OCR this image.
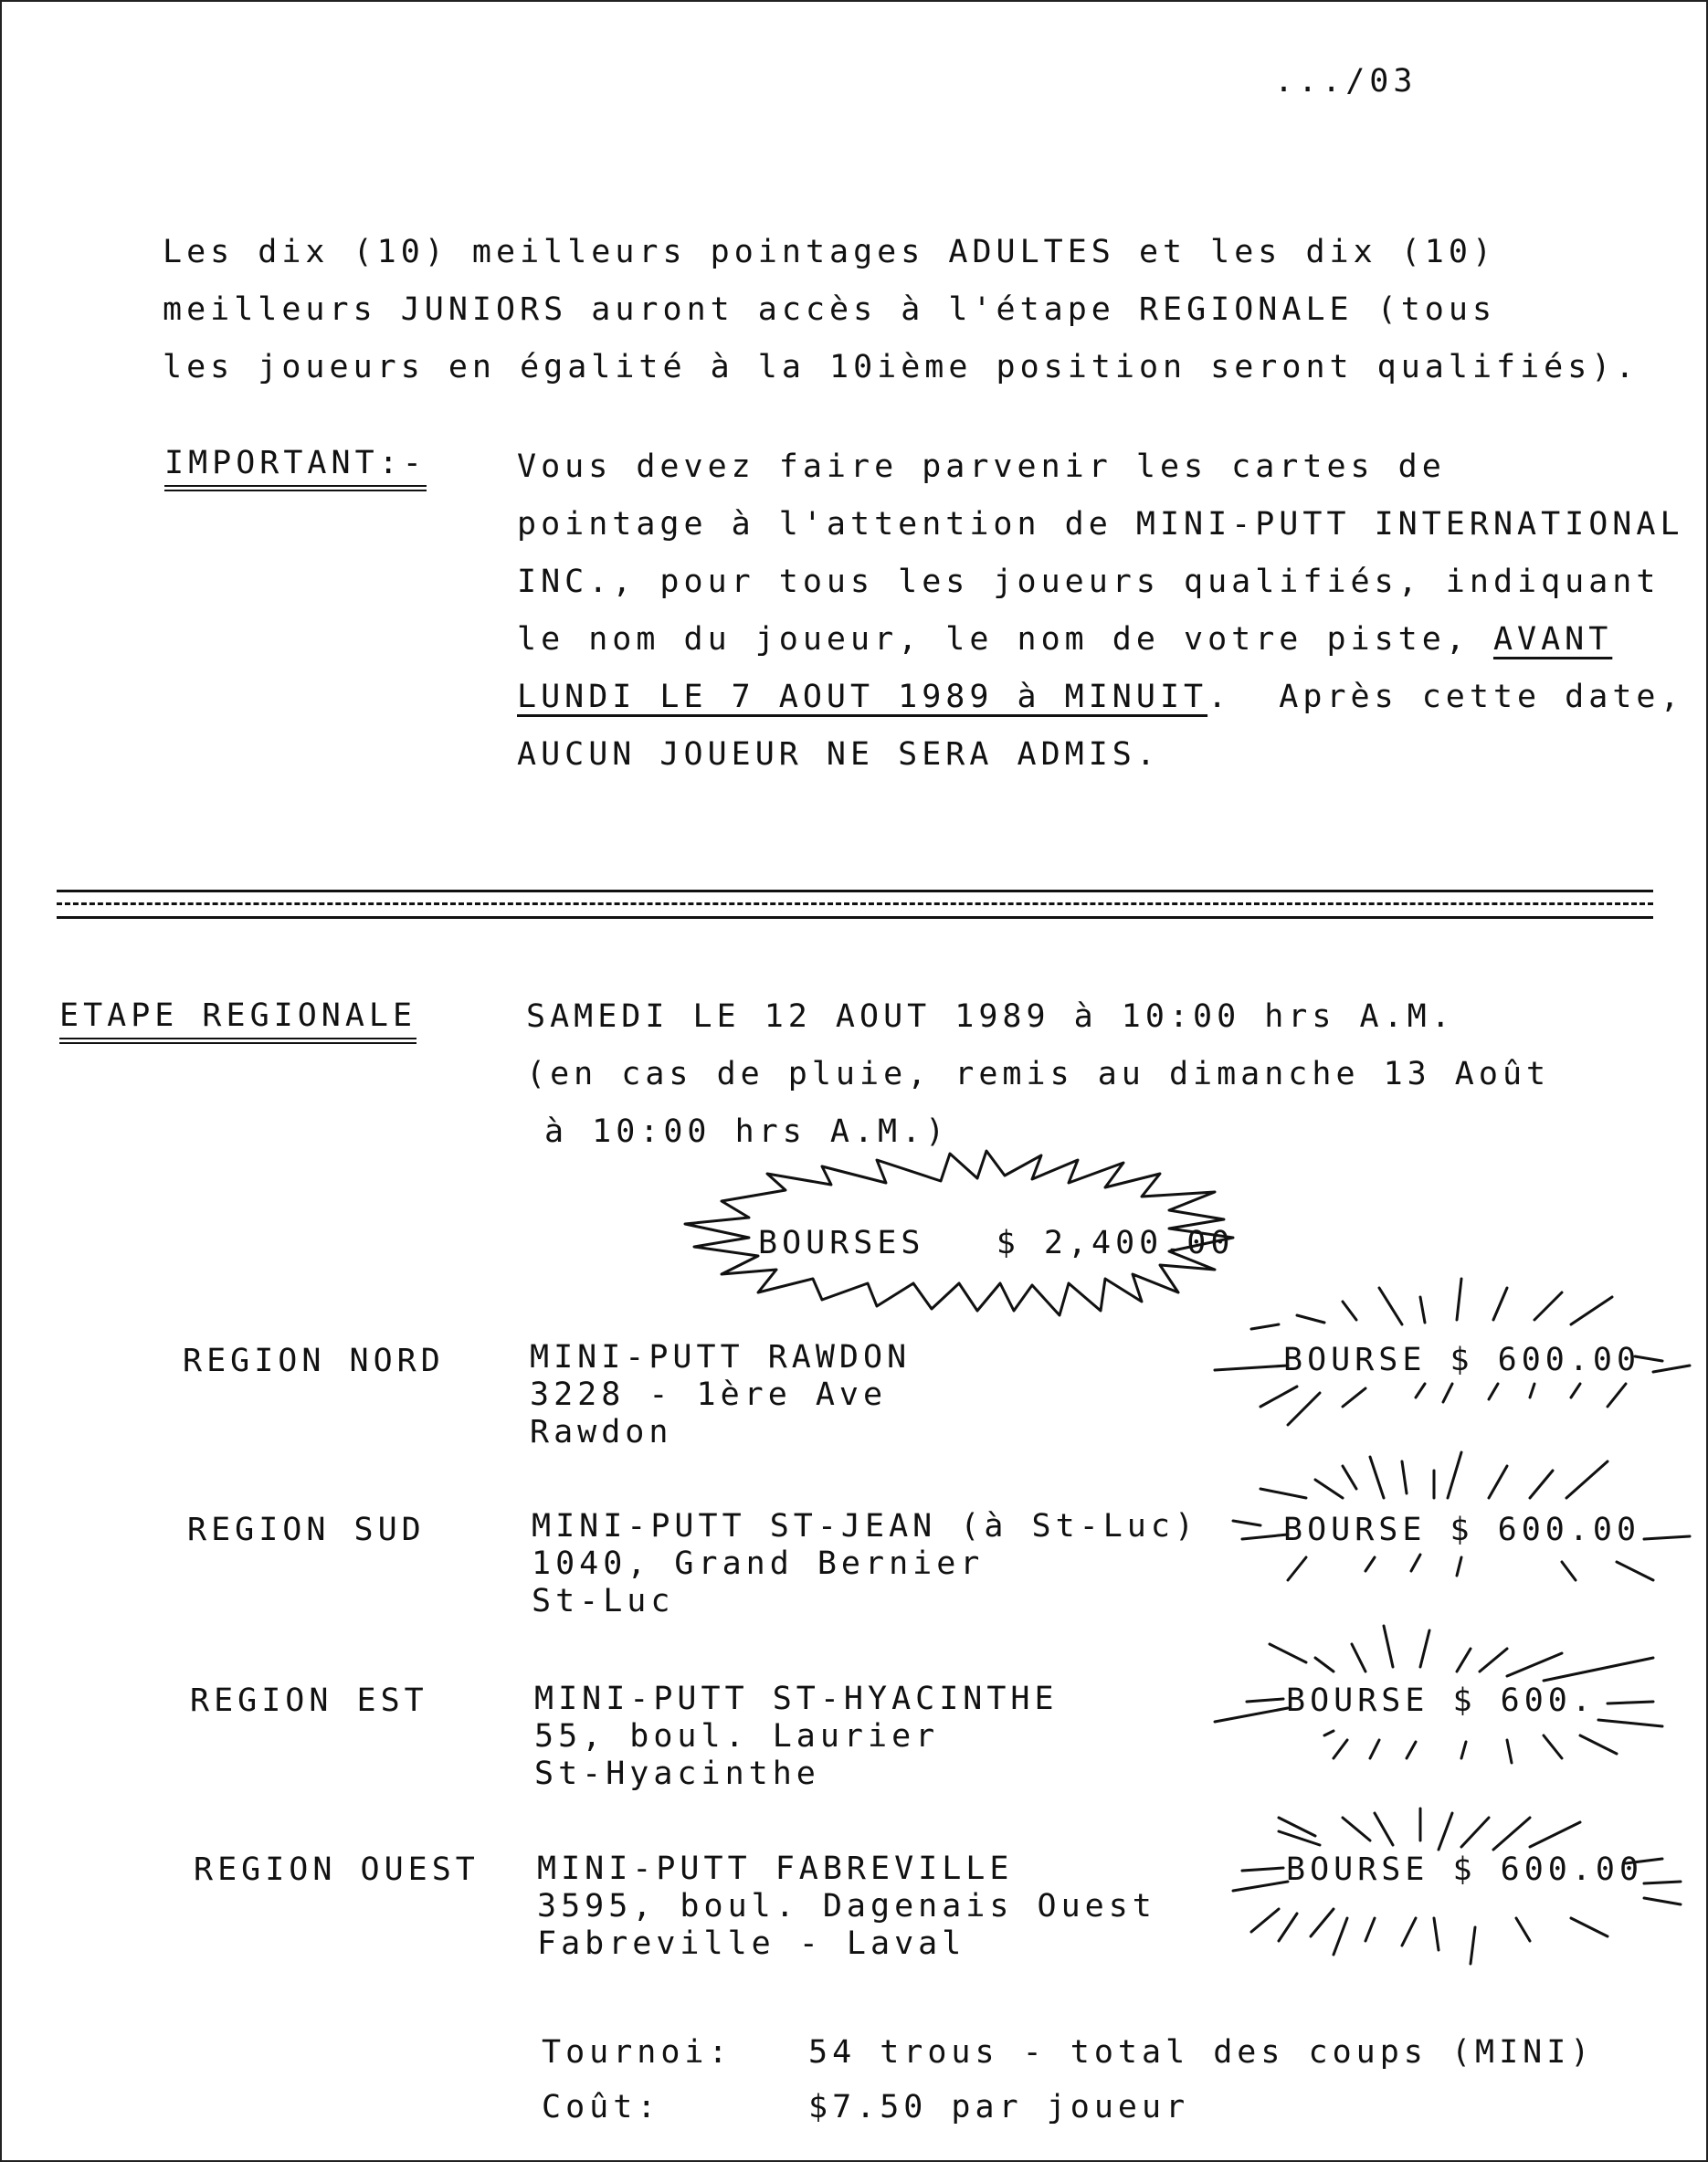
.../03
Les dix (10) meilleurs pointages ADULTES et les dix (10)
meilleurs JUNIORS auront accès à l'étape REGIONALE (tous
les joueurs en égalité à la 10ième position seront qualifiés).
IMPORTANT:-	Vous devez faire parvenir les cartes de
pointage à l'attention de MINI-PUTT INTERNATIONAL
INC., pour tous les joueurs qualifiés, indiquant
le nom du joueur, le nom de votre piste, AVANT
LUNDI LE 7 AOUT 1989 à MINUIT.  Après cette date,
AUCUN JOUEUR NE SERA ADMIS.
ETAPE REGIONALE	SAMEDI LE 12 AOUT 1989 à 10:00 hrs A.M.
(en cas de pluie, remis au dimanche 13 Août
à 10:00 hrs A.M.)
BOURSES   $ 2,400.00
REGION NORD	MINI-PUTT RAWDON
3228 - 1ère Ave
Rawdon
BOURSE $ 600.00
REGION SUD	MINI-PUTT ST-JEAN (à St-Luc)
1040, Grand Bernier
St-Luc
BOURSE $ 600.00
REGION EST	MINI-PUTT ST-HYACINTHE
55, boul. Laurier
St-Hyacinthe
BOURSE $ 600.
REGION OUEST MINI-PUTT FABREVILLE
3595, boul. Dagenais Ouest
Fabreville - Laval
BOURSE $ 600.00
Tournoi: 54 trous - total des coups (MINI)
Coût:	$7.50 par joueur
